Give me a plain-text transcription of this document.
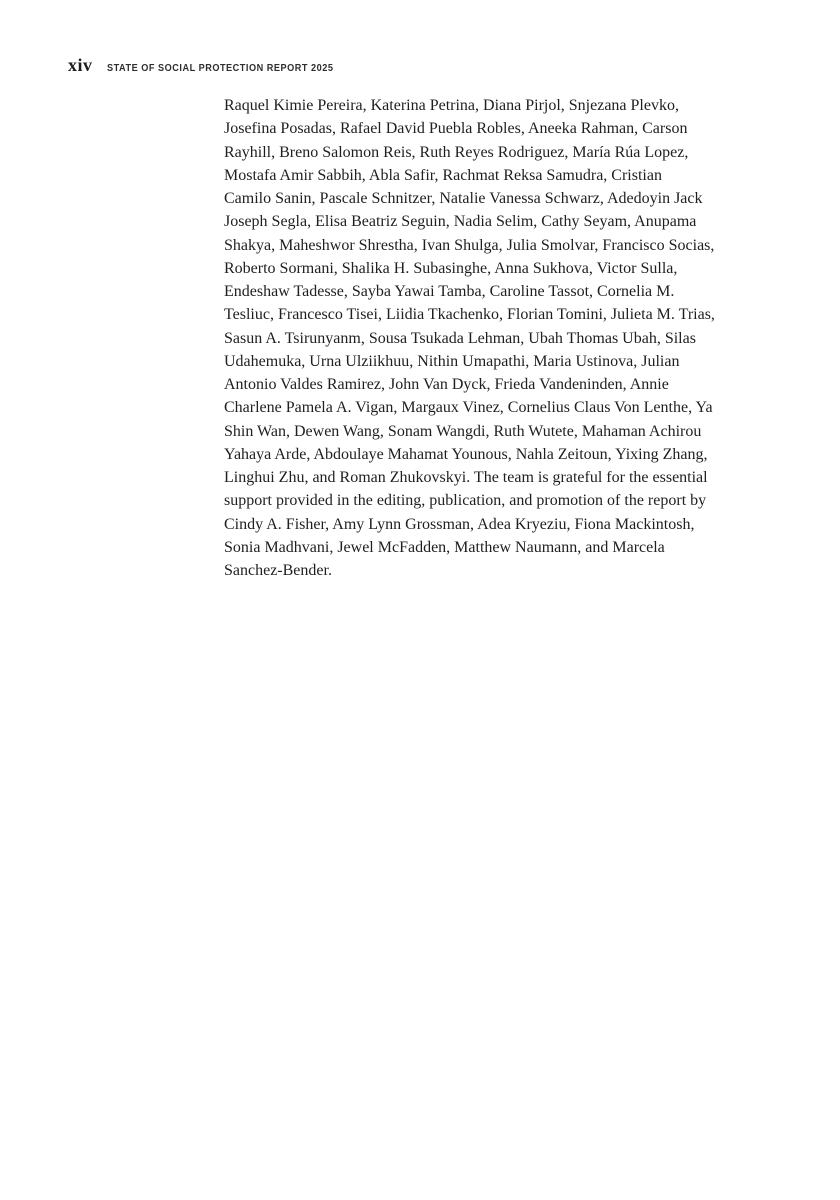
xiv STATE OF SOCIAL PROTECTION REPORT 2025
Raquel Kimie Pereira, Katerina Petrina, Diana Pirjol, Snjezana Plevko,
Josefina Posadas, Rafael David Puebla Robles, Aneeka Rahman, Carson
Rayhill, Breno Salomon Reis, Ruth Reyes Rodriguez, María Rúa Lopez,
Mostafa Amir Sabbih, Abla Safir, Rachmat Reksa Samudra, Cristian
Camilo Sanin, Pascale Schnitzer, Natalie Vanessa Schwarz, Adedoyin Jack
Joseph Segla, Elisa Beatriz Seguin, Nadia Selim, Cathy Seyam, Anupama
Shakya, Maheshwor Shrestha, Ivan Shulga, Julia Smolvar, Francisco Socias,
Roberto Sormani, Shalika H. Subasinghe, Anna Sukhova, Victor Sulla,
Endeshaw Tadesse, Sayba Yawai Tamba, Caroline Tassot, Cornelia M.
Tesliuc, Francesco Tisei, Liidia Tkachenko, Florian Tomini, Julieta M. Trias,
Sasun A. Tsirunyanm, Sousa Tsukada Lehman, Ubah Thomas Ubah, Silas
Udahemuka, Urna Ulziikhuu, Nithin Umapathi, Maria Ustinova, Julian
Antonio Valdes Ramirez, John Van Dyck, Frieda Vandeninden, Annie
Charlene Pamela A. Vigan, Margaux Vinez, Cornelius Claus Von Lenthe, Ya
Shin Wan, Dewen Wang, Sonam Wangdi, Ruth Wutete, Mahaman Achirou
Yahaya Arde, Abdoulaye Mahamat Younous, Nahla Zeitoun, Yixing Zhang,
Linghui Zhu, and Roman Zhukovskyi. The team is grateful for the essential
support provided in the editing, publication, and promotion of the report by
Cindy A. Fisher, Amy Lynn Grossman, Adea Kryeziu, Fiona Mackintosh,
Sonia Madhvani, Jewel McFadden, Matthew Naumann, and Marcela
Sanchez-Bender.
